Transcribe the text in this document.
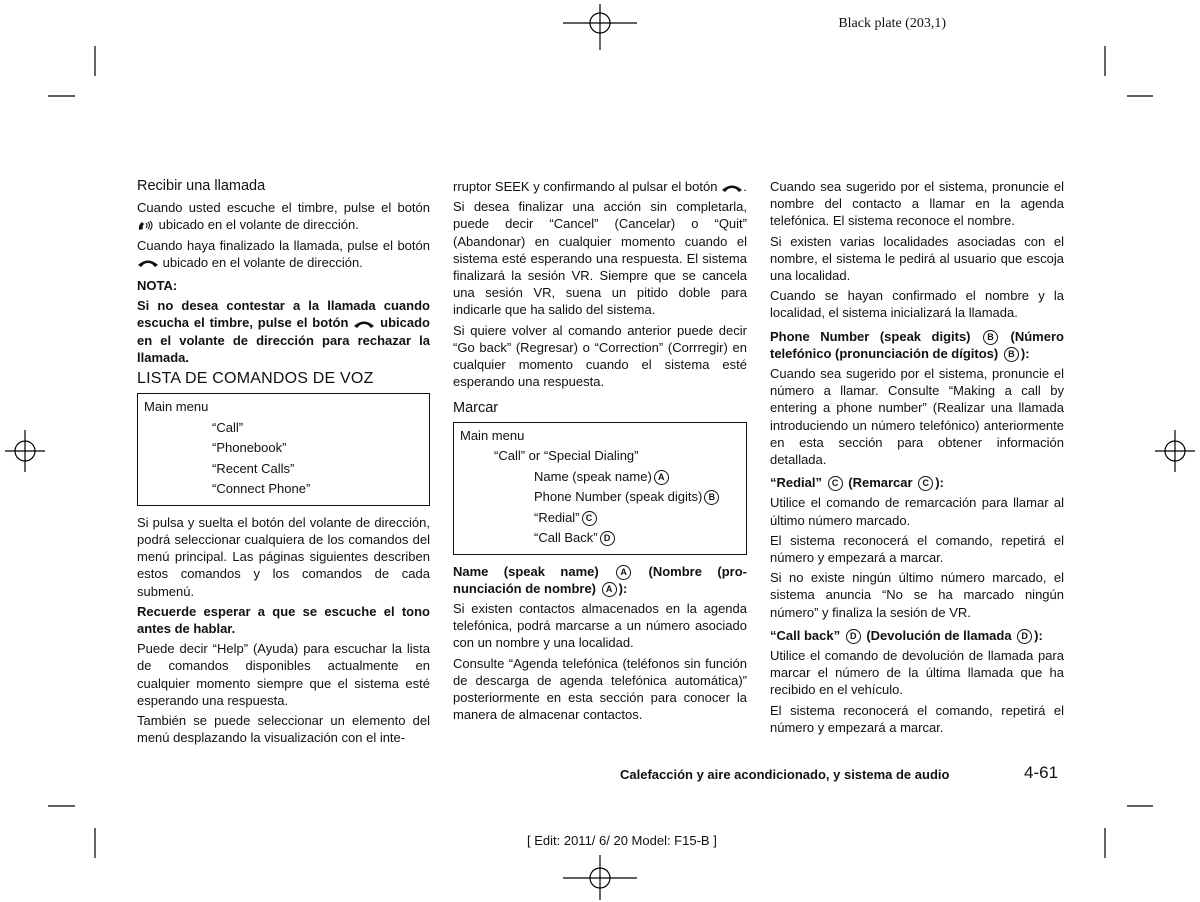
Black plate (203,1)
Recibir una llamada

Cuando usted escuche el timbre, pulse el botón  ubicado en el volante de dirección.

Cuando haya finalizado la llamada, pulse el botón  ubicado en el volante de dirección.

NOTA:

Si no desea contestar a la llamada cuando escucha el timbre, pulse el botón ubicado en el volante de dirección para rechazar la llamada.

LISTA DE COMANDOS DE VOZ
Main menu
“Call”
“Phonebook”
“Recent Calls”
“Connect Phone”

Si pulsa y suelta el botón del volante de dirección, podrá seleccionar cualquiera de los comandos del menú principal. Las páginas siguientes describen estos comandos y los comandos de cada submenú.

Recuerde esperar a que se escuche el tono antes de hablar.

Puede decir “Help” (Ayuda) para escuchar la lista de comandos disponibles actualmente en cualquier momento siempre que el sistema esté esperando una respuesta.

También se puede seleccionar un elemento del menú desplazando la visualización con el inte-

rruptor SEEK y confirmando al pulsar el botón .

Si desea finalizar una acción sin completarla, puede decir “Cancel” (Cancelar) o “Quit” (Abandonar) en cualquier momento cuando el sistema esté esperando una respuesta. El sistema finalizará la sesión VR. Siempre que se cancela una sesión VR, suena un pitido doble para indicarle que ha salido del sistema.

Si quiere volver al comando anterior puede decir “Go back” (Regresar) o “Correction” (Corrregir) en cualquier momento cuando el sistema esté esperando una respuesta.

Marcar
Main menu
“Call” or “Special Dialing”
Name (speak name) A
Phone Number (speak digits) B
“Redial” C
“Call Back” D

Name (speak name) A (Nombre (pro-nunciación de nombre) A ):

Si existen contactos almacenados en la agenda telefónica, podrá marcarse a un número asociado con un nombre y una localidad.

Consulte “Agenda telefónica (teléfonos sin función de descarga de agenda telefónica automática)” posteriormente en esta sección para conocer la manera de almacenar contactos.

Cuando sea sugerido por el sistema, pronuncie el nombre del contacto a llamar en la agenda telefónica. El sistema reconoce el nombre.

Si existen varias localidades asociadas con el nombre, el sistema le pedirá al usuario que escoja una localidad.

Cuando se hayan confirmado el nombre y la localidad, el sistema inicializará la llamada.

Phone Number (speak digits) B (Número telefónico (pronunciación de dígitos) B ):

Cuando sea sugerido por el sistema, pronuncie el número a llamar. Consulte “Making a call by entering a phone number” (Realizar una llamada introduciendo un número telefónico) anteriormente en esta sección para obtener información detallada.

“Redial” C (Remarcar C ):

Utilice el comando de remarcación para llamar al último número marcado.

El sistema reconocerá el comando, repetirá el número y empezará a marcar.

Si no existe ningún último número marcado, el sistema anuncia “No se ha marcado ningún número” y finaliza la sesión de VR.

“Call back” D (Devolución de llamada D ):

Utilice el comando de devolución de llamada para marcar el número de la última llamada que ha recibido en el vehículo.

El sistema reconocerá el comando, repetirá el número y empezará a marcar.

Calefacción y aire acondicionado, y sistema de audio	4-61
[ Edit: 2011/ 6/ 20 Model: F15-B ]
